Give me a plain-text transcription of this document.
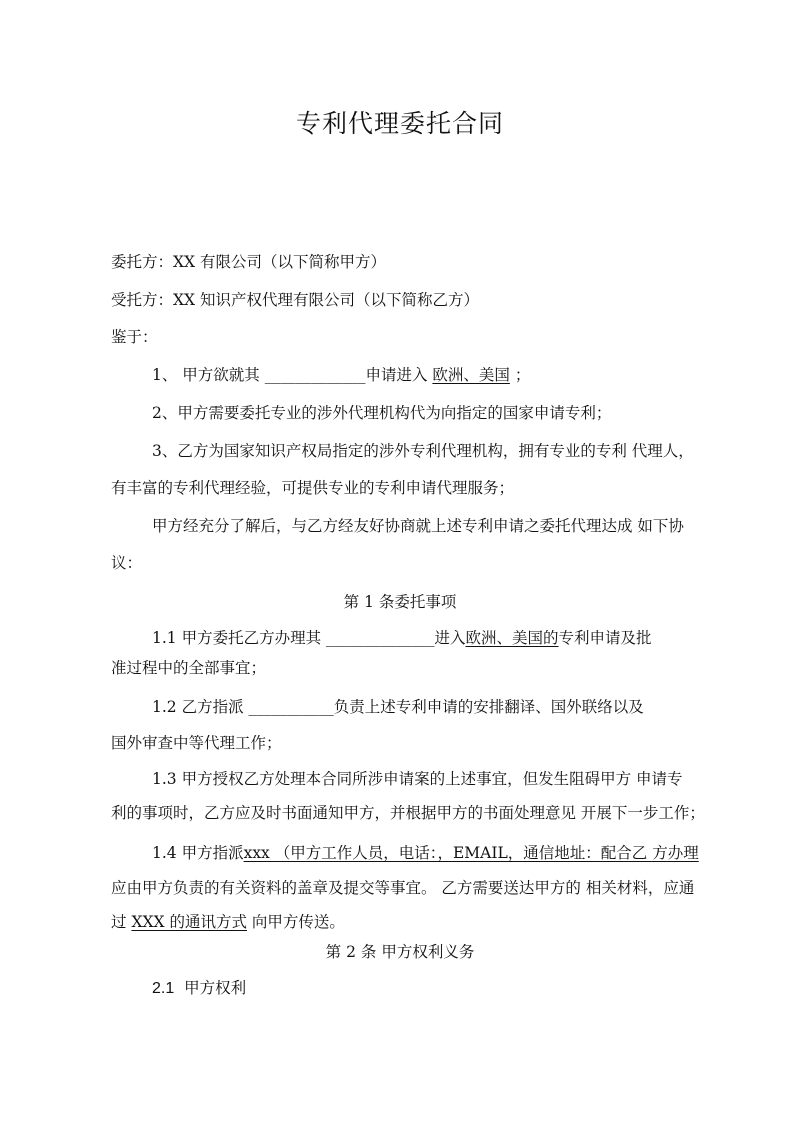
专利代理委托合同
委托方：XX 有限公司（以下简称甲方）
受托方：XX 知识产权代理有限公司（以下简称乙方）
鉴于：
1、 甲方欲就其 _____________申请进入 欧洲、美国 ；
2、甲方需要委托专业的涉外代理机构代为向指定的国家申请专利；
3、乙方为国家知识产权局指定的涉外专利代理机构，拥有专业的专利 代理人，
有丰富的专利代理经验，可提供专业的专利申请代理服务；
甲方经充分了解后，与乙方经友好协商就上述专利申请之委托代理达成 如下协
议：
第 1 条委托事项
1.1 甲方委托乙方办理其 ______________进入欧洲、美国的专利申请及批
准过程中的全部事宜；
1.2 乙方指派 ___________负责上述专利申请的安排翻译、国外联络以及
国外审查中等代理工作；
1.3 甲方授权乙方处理本合同所涉申请案的上述事宜，但发生阻碍甲方 申请专
利的事项时，乙方应及时书面通知甲方，并根据甲方的书面处理意见 开展下一步工作；
1.4 甲方指派xxx （甲方工作人员，电话：，EMAIL，通信地址：配合乙 方办理
应由甲方负责的有关资料的盖章及提交等事宜。 乙方需要送达甲方的 相关材料，应通
过 XXX 的通讯方式 向甲方传送。
第 2 条 甲方权利义务
2.1 甲方权利
